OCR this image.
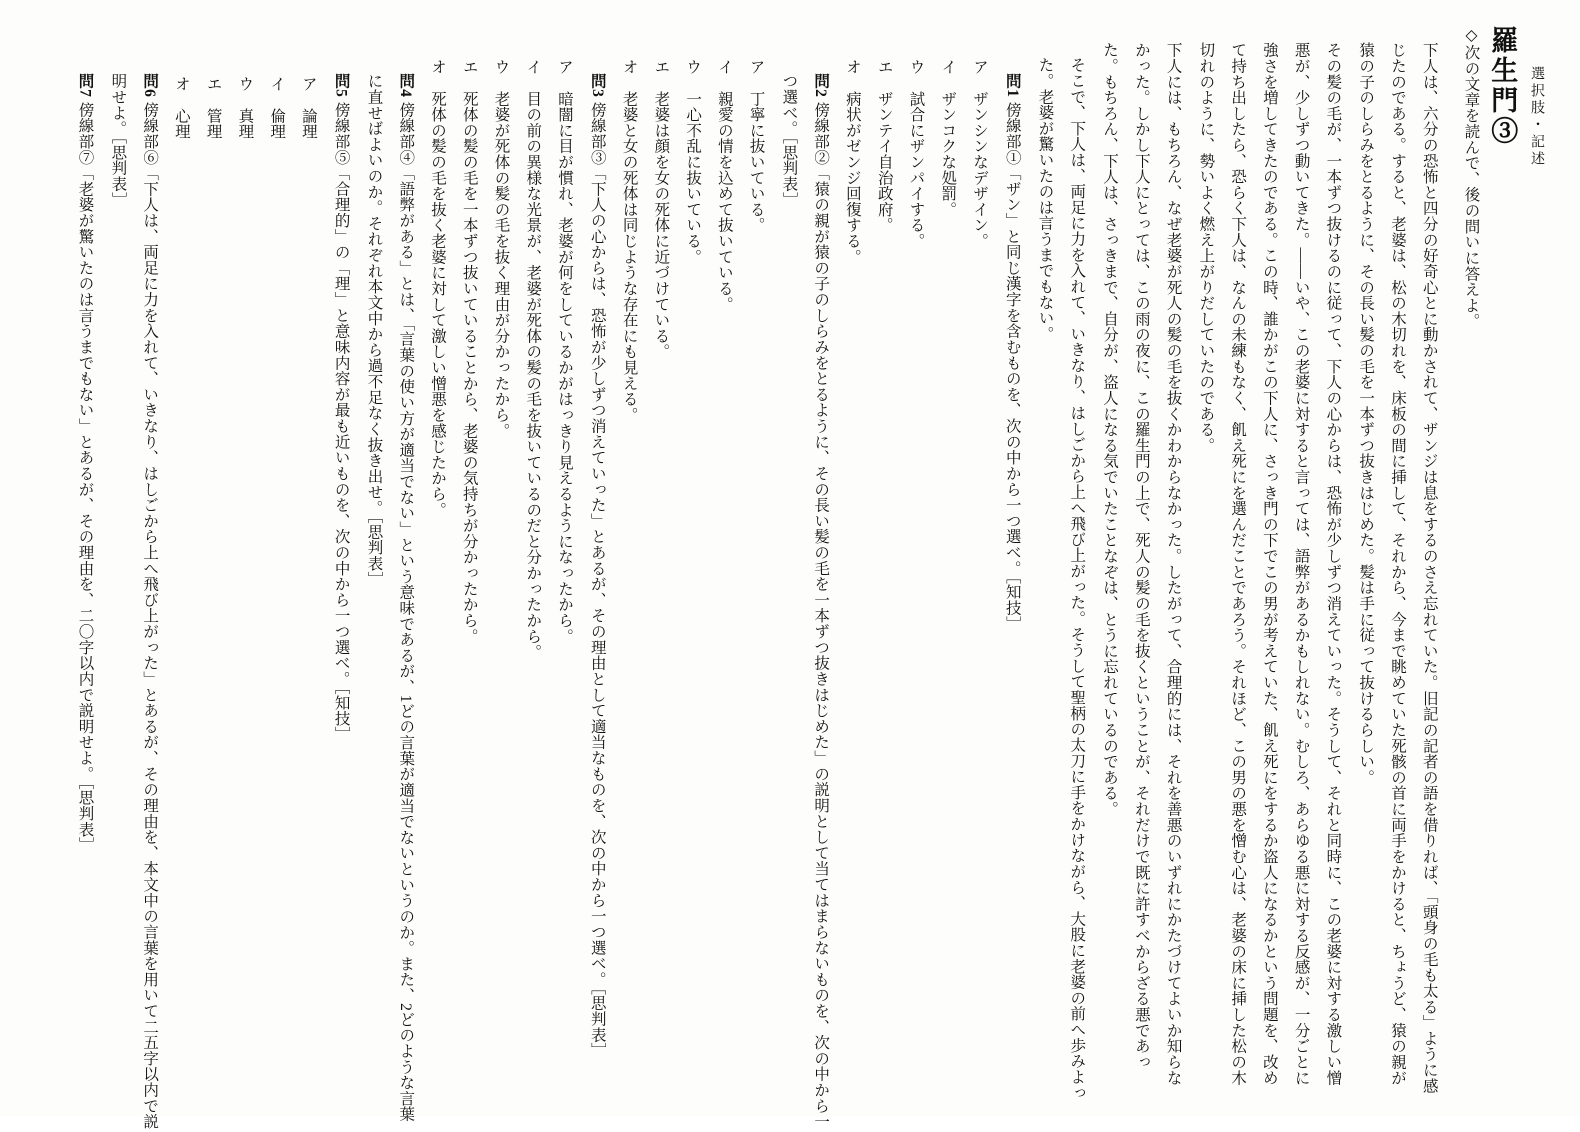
選択肢・記述

羅生門③
◇次の文章を読んで、後の問いに答えよ。 下人は、六分の恐怖と四分の好奇心とに動かされて、ザンジは息をするのさえ忘れていた。旧記の記者の語を借りれば、「頭身の毛も太る」ように感じたのである。すると、老婆は、松の木切れを、床板の間に挿して、それから、今まで眺めていた死骸の首に両手をかけると、ちょうど、猿の親が猿の子のしらみをとるように、その長い髪の毛を一本ずつ抜きはじめた。髪は手に従って抜けるらしい。 その髪の毛が、一本ずつ抜けるのに従って、下人の心からは、恐怖が少しずつ消えていった。そうして、それと同時に、この老婆に対する激しい憎悪が、少しずつ動いてきた。——いや、この老婆に対すると言っては、語弊があるかもしれない。むしろ、あらゆる悪に対する反感が、一分ごとに強さを増してきたのである。この時、誰かがこの下人に、さっき門の下でこの男が考えていた、飢え死にをするか盗人になるかという問題を、改めて持ち出したら、恐らく下人は、なんの未練もなく、飢え死にを選んだことであろう。それほど、この男の悪を憎む心は、老婆の床に挿した松の木切れのように、勢いよく燃え上がりだしていたのである。 下人には、もちろん、なぜ老婆が死人の髪の毛を抜くかわからなかった。したがって、合理的には、それを善悪のいずれにかたづけてよいか知らなかった。しかし下人にとっては、この雨の夜に、この羅生門の上で、死人の髪の毛を抜くということが、それだけで既に許すべからざる悪であった。もちろん、下人は、さっきまで、自分が、盗人になる気でいたことなぞは、とうに忘れているのである。 そこで、下人は、両足に力を入れて、いきなり、はしごから上へ飛び上がった。そうして聖柄の太刀に手をかけながら、大股に老婆の前へ歩みよった。老婆が驚いたのは言うまでもない。 問1 傍線部①「ザン」と同じ漢字を含むものを、次の中から一つ選べ。［知技］ ア　ザンシンなデザイン。 イ　ザンコクな処罰。 ウ　試合にザンパイする。 エ　ザンテイ自治政府。 オ　病状がゼンジ回復する。 問2 傍線部②「猿の親が猿の子のしらみをとるように、その長い髪の毛を一本ずつ抜きはじめた」の説明として当てはまらないものを、次の中から一つ選べ。［思判表］ ア　丁寧に抜いている。 イ　親愛の情を込めて抜いている。 ウ　一心不乱に抜いている。 エ　老婆は顔を女の死体に近づけている。 オ　老婆と女の死体は同じような存在にも見える。 問3 傍線部③「下人の心からは、恐怖が少しずつ消えていった」とあるが、その理由として適当なものを、次の中から一つ選べ。［思判表］ ア　暗闇に目が慣れ、老婆が何をしているかがはっきり見えるようになったから。 イ　目の前の異様な光景が、老婆が死体の髪の毛を抜いているのだと分かったから。 ウ　老婆が死体の髪の毛を抜く理由が分かったから。 エ　死体の髪の毛を一本ずつ抜いていることから、老婆の気持ちが分かったから。 オ　死体の髪の毛を抜く老婆に対して激しい憎悪を感じたから。 問4 傍線部④「語弊がある」とは、「言葉の使い方が適当でない」という意味であるが、1どの言葉が適当でないというのか。また、2どのような言葉に直せばよいのか。それぞれ本文中から過不足なく抜き出せ。［思判表］ 問5 傍線部⑤「合理的」の「理」と意味内容が最も近いものを、次の中から一つ選べ。［知技］ ア　論理 イ　倫理 ウ　真理 エ　管理 オ　心理 問6 傍線部⑥「下人は、両足に力を入れて、いきなり、はしごから上へ飛び上がった」とあるが、その理由を、本文中の言葉を用いて二五字以内で説明せよ。［思判表］ 問7 傍線部⑦「老婆が驚いたのは言うまでもない」とあるが、その理由を、二〇字以内で説明せよ。［思判表］
